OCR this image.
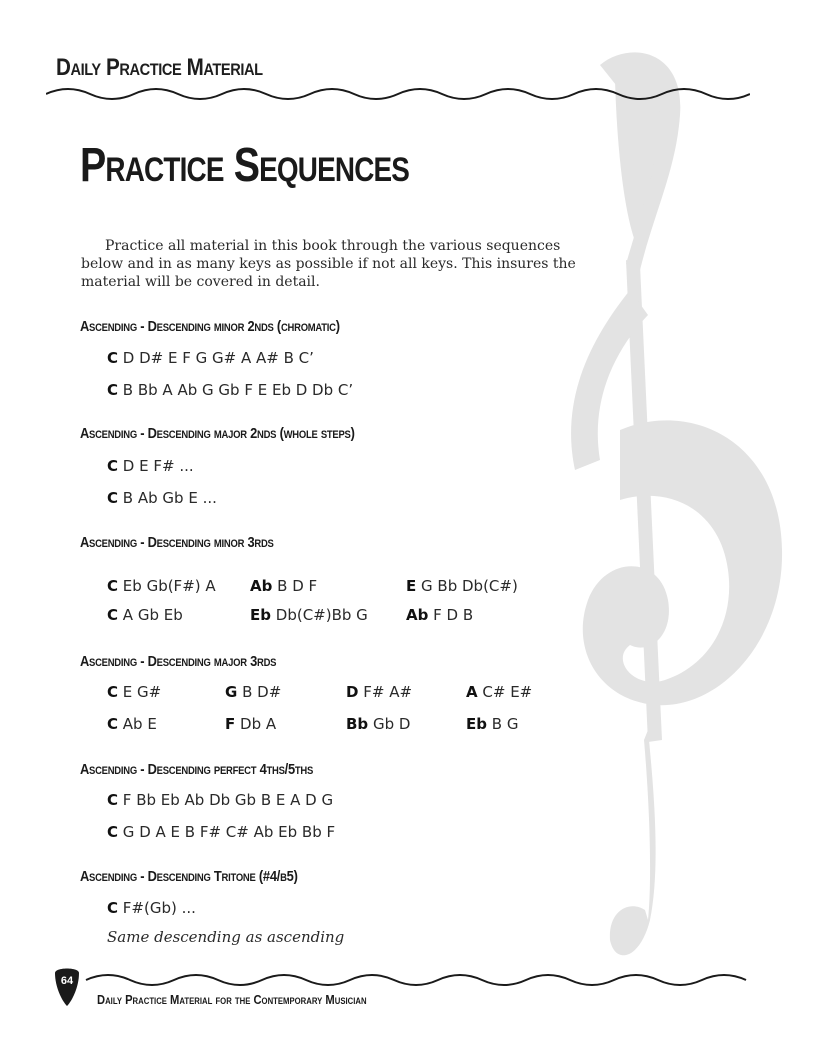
Daily Practice Material
Practice Sequences
Practice all material in this book through the various sequences below and in as many keys as possible if not all keys. This insures the material will be covered in detail.
Ascending - Descending minor 2nds (chromatic)
C D D# E F G G# A A# B C’
C B Bb A Ab G Gb F E Eb D Db C’
Ascending - Descending major 2nds (whole steps)
C D E F# ...
C B Ab Gb E ...
Ascending - Descending minor 3rds
C Eb Gb(F#) A Ab B D F	E G Bb Db(C#)
C A Gb Eb	Eb Db(C#)Bb G	Ab F D B
Ascending - Descending major 3rds
C E G#	G B D#	D F# A#	A C# E#
C Ab E	F Db A	Bb Gb D	Eb B G
Ascending - Descending perfect 4ths/5ths
C F Bb Eb Ab Db Gb B E A D G
C G D A E B F# C# Ab Eb Bb F
Ascending - Descending Tritone (#4/b5)
C F#(Gb) ...
Same descending as ascending
64
Daily Practice Material for the Contemporary Musician
